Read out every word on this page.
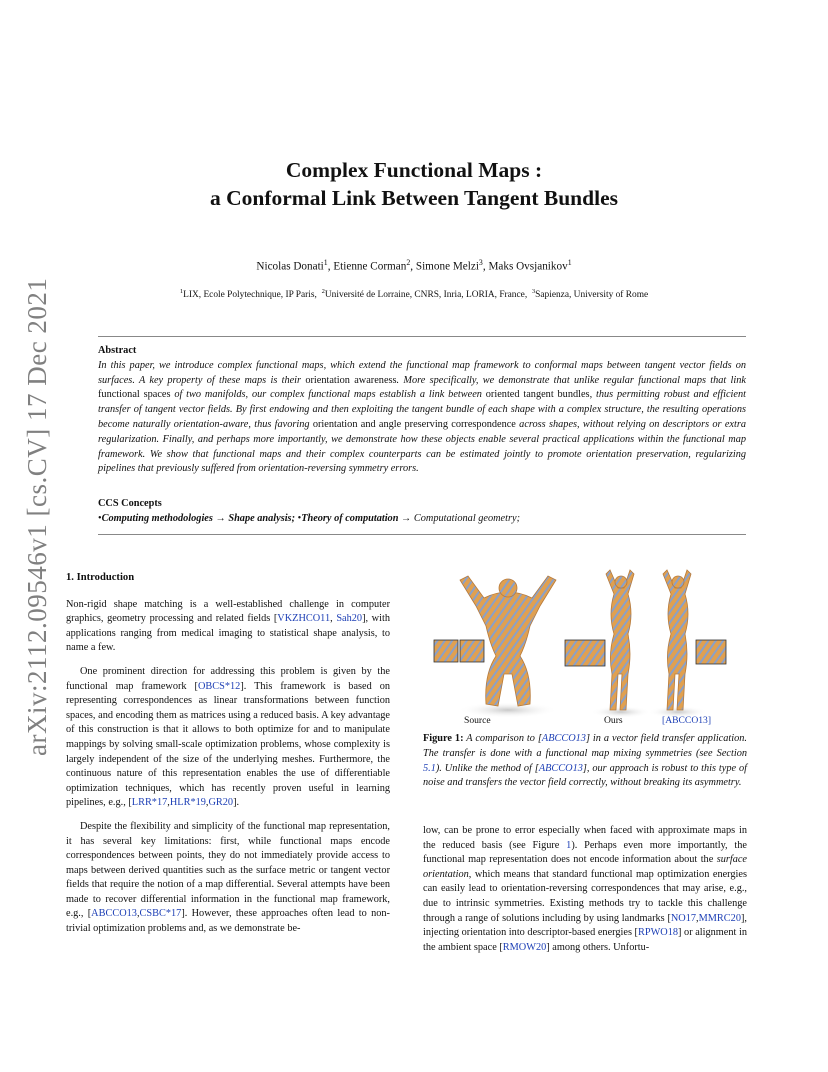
arXiv:2112.09546v1 [cs.CV] 17 Dec 2021
Complex Functional Maps :
a Conformal Link Between Tangent Bundles
Nicolas Donati$^1$, Etienne Corman$^2$, Simone Melzi$^3$, Maks Ovsjanikov$^1$
$^1$LIX, Ecole Polytechnique, IP Paris, $^2$Université de Lorraine, CNRS, Inria, LORIA, France, $^3$Sapienza, University of Rome
Abstract
In this paper, we introduce complex functional maps, which extend the functional map framework to conformal maps between tangent vector fields on surfaces. A key property of these maps is their orientation awareness. More specifically, we demonstrate that unlike regular functional maps that link functional spaces of two manifolds, our complex functional maps establish a link between oriented tangent bundles, thus permitting robust and efficient transfer of tangent vector fields. By first endowing and then exploiting the tangent bundle of each shape with a complex structure, the resulting operations become naturally orientation-aware, thus favoring orientation and angle preserving correspondence across shapes, without relying on descriptors or extra regularization. Finally, and perhaps more importantly, we demonstrate how these objects enable several practical applications within the functional map framework. We show that functional maps and their complex counterparts can be estimated jointly to promote orientation preservation, regularizing pipelines that previously suffered from orientation-reversing symmetry errors.
CCS Concepts
•Computing methodologies → Shape analysis; •Theory of computation → Computational geometry;

1. Introduction

Non-rigid shape matching is a well-established challenge in computer graphics, geometry processing and related fields [VKZHCO11, Sah20], with applications ranging from medical imaging to statistical shape analysis, to name a few.

One prominent direction for addressing this problem is given by the functional map framework [OBCS*12]. This framework is based on representing correspondences as linear transformations between function spaces, and encoding them as matrices using a reduced basis. A key advantage of this construction is that it allows to both optimize for and to manipulate mappings by solving small-scale optimization problems, whose complexity is largely independent of the size of the underlying meshes. Furthermore, the continuous nature of this representation enables the use of differentiable optimization techniques, which has recently proven useful in learning pipelines, e.g., [LRR*17,HLR*19,GR20].

Despite the flexibility and simplicity of the functional map representation, it has several key limitations: first, while functional maps encode correspondences between points, they do not immediately provide access to maps between derived quantities such as the surface metric or tangent vector fields that require the notion of a map differential. Several attempts have been made to recover differential information in the functional map framework, e.g., [ABCCO13,CSBC*17]. However, these approaches often lead to non-trivial optimization problems and, as we demonstrate be-

Source	Ours	[ABCCO13]
Figure 1: A comparison to [ABCCO13] in a vector field transfer application. The transfer is done with a functional map mixing symmetries (see Section 5.1). Unlike the method of [ABCCO13], our approach is robust to this type of noise and transfers the vector field correctly, without breaking its asymmetry.

low, can be prone to error especially when faced with approximate maps in the reduced basis (see Figure 1). Perhaps even more importantly, the functional map representation does not encode information about the surface orientation, which means that standard functional map optimization energies can easily lead to orientation-reversing correspondences that may arise, e.g., due to intrinsic symmetries. Existing methods try to tackle this challenge through a range of solutions including by using landmarks [NO17,MMRC20], injecting orientation into descriptor-based energies [RPWO18] or alignment in the ambient space [RMOW20] among others. Unfortu-
